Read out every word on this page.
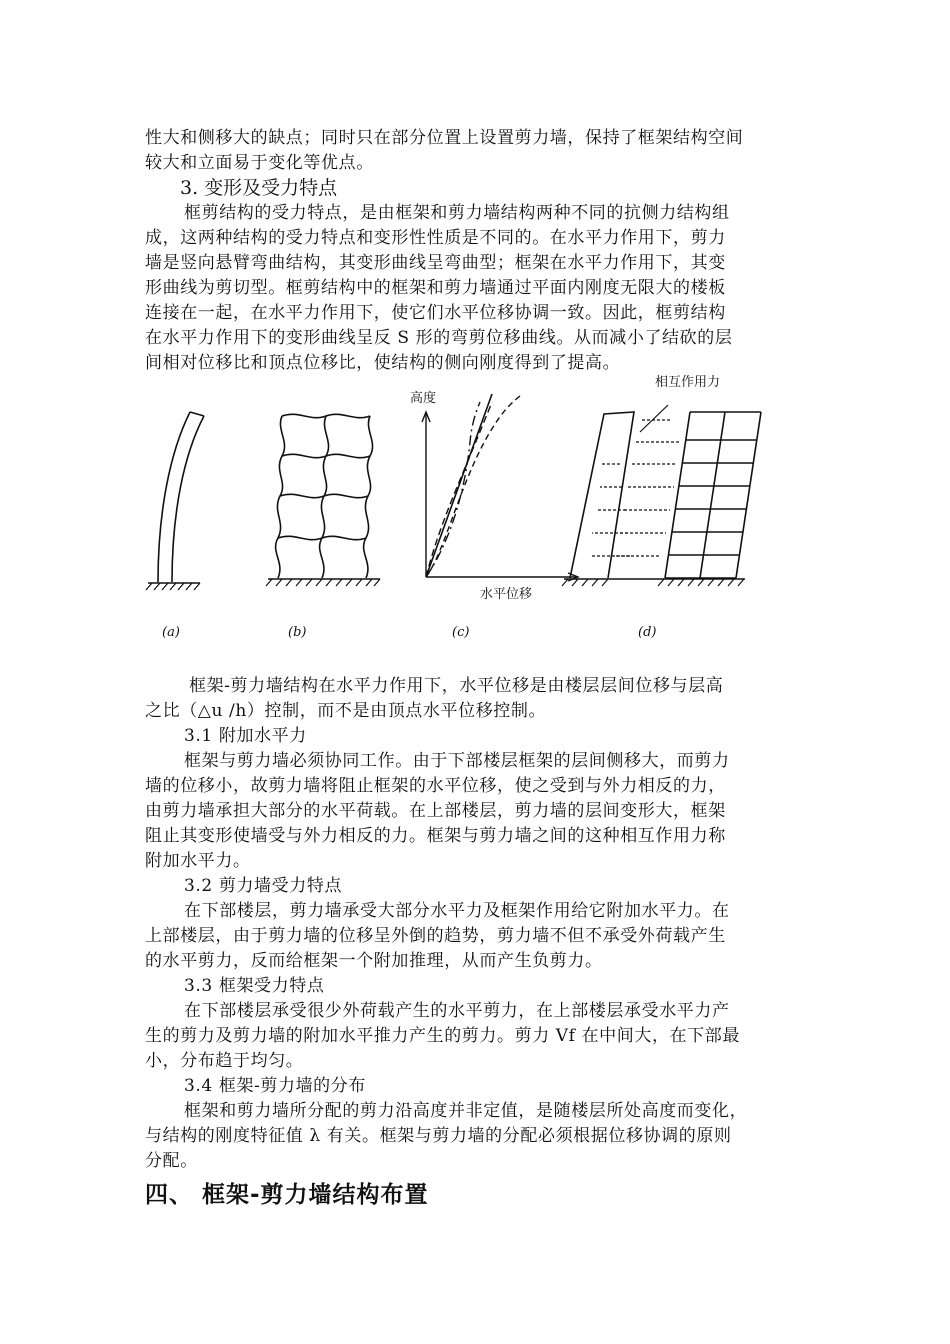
性大和侧移大的缺点；同时只在部分位置上设置剪力墙，保持了框架结构空间
较大和立面易于变化等优点。
3. 变形及受力特点
框剪结构的受力特点，是由框架和剪力墙结构两种不同的抗侧力结构组
成，这两种结构的受力特点和变形性性质是不同的。在水平力作用下，剪力
墙是竖向悬臂弯曲结构，其变形曲线呈弯曲型；框架在水平力作用下，其变
形曲线为剪切型。框剪结构中的框架和剪力墙通过平面内刚度无限大的楼板
连接在一起，在水平力作用下，使它们水平位移协调一致。因此，框剪结构
在水平力作用下的变形曲线呈反 S 形的弯剪位移曲线。从而减小了结砍的层
间相对位移比和顶点位移比，使结构的侧向刚度得到了提高。
高度
水平位移
相互作用力
(a)	(b)	(c)	(d)
框架-剪力墙结构在水平力作用下，水平位移是由楼层层间位移与层高
之比（△u /h）控制，而不是由顶点水平位移控制。
3.1 附加水平力
框架与剪力墙必须协同工作。由于下部楼层框架的层间侧移大，而剪力
墙的位移小，故剪力墙将阻止框架的水平位移，使之受到与外力相反的力，
由剪力墙承担大部分的水平荷载。在上部楼层，剪力墙的层间变形大，框架
阻止其变形使墙受与外力相反的力。框架与剪力墙之间的这种相互作用力称
附加水平力。
3.2 剪力墙受力特点
在下部楼层，剪力墙承受大部分水平力及框架作用给它附加水平力。在
上部楼层，由于剪力墙的位移呈外倒的趋势，剪力墙不但不承受外荷载产生
的水平剪力，反而给框架一个附加推理，从而产生负剪力。
3.3 框架受力特点
在下部楼层承受很少外荷载产生的水平剪力，在上部楼层承受水平力产
生的剪力及剪力墙的附加水平推力产生的剪力。剪力 Vf 在中间大，在下部最
小，分布趋于均匀。
3.4 框架-剪力墙的分布
框架和剪力墙所分配的剪力沿高度并非定值，是随楼层所处高度而变化，
与结构的刚度特征值 λ 有关。框架与剪力墙的分配必须根据位移协调的原则
分配。
四、 框架-剪力墙结构布置
